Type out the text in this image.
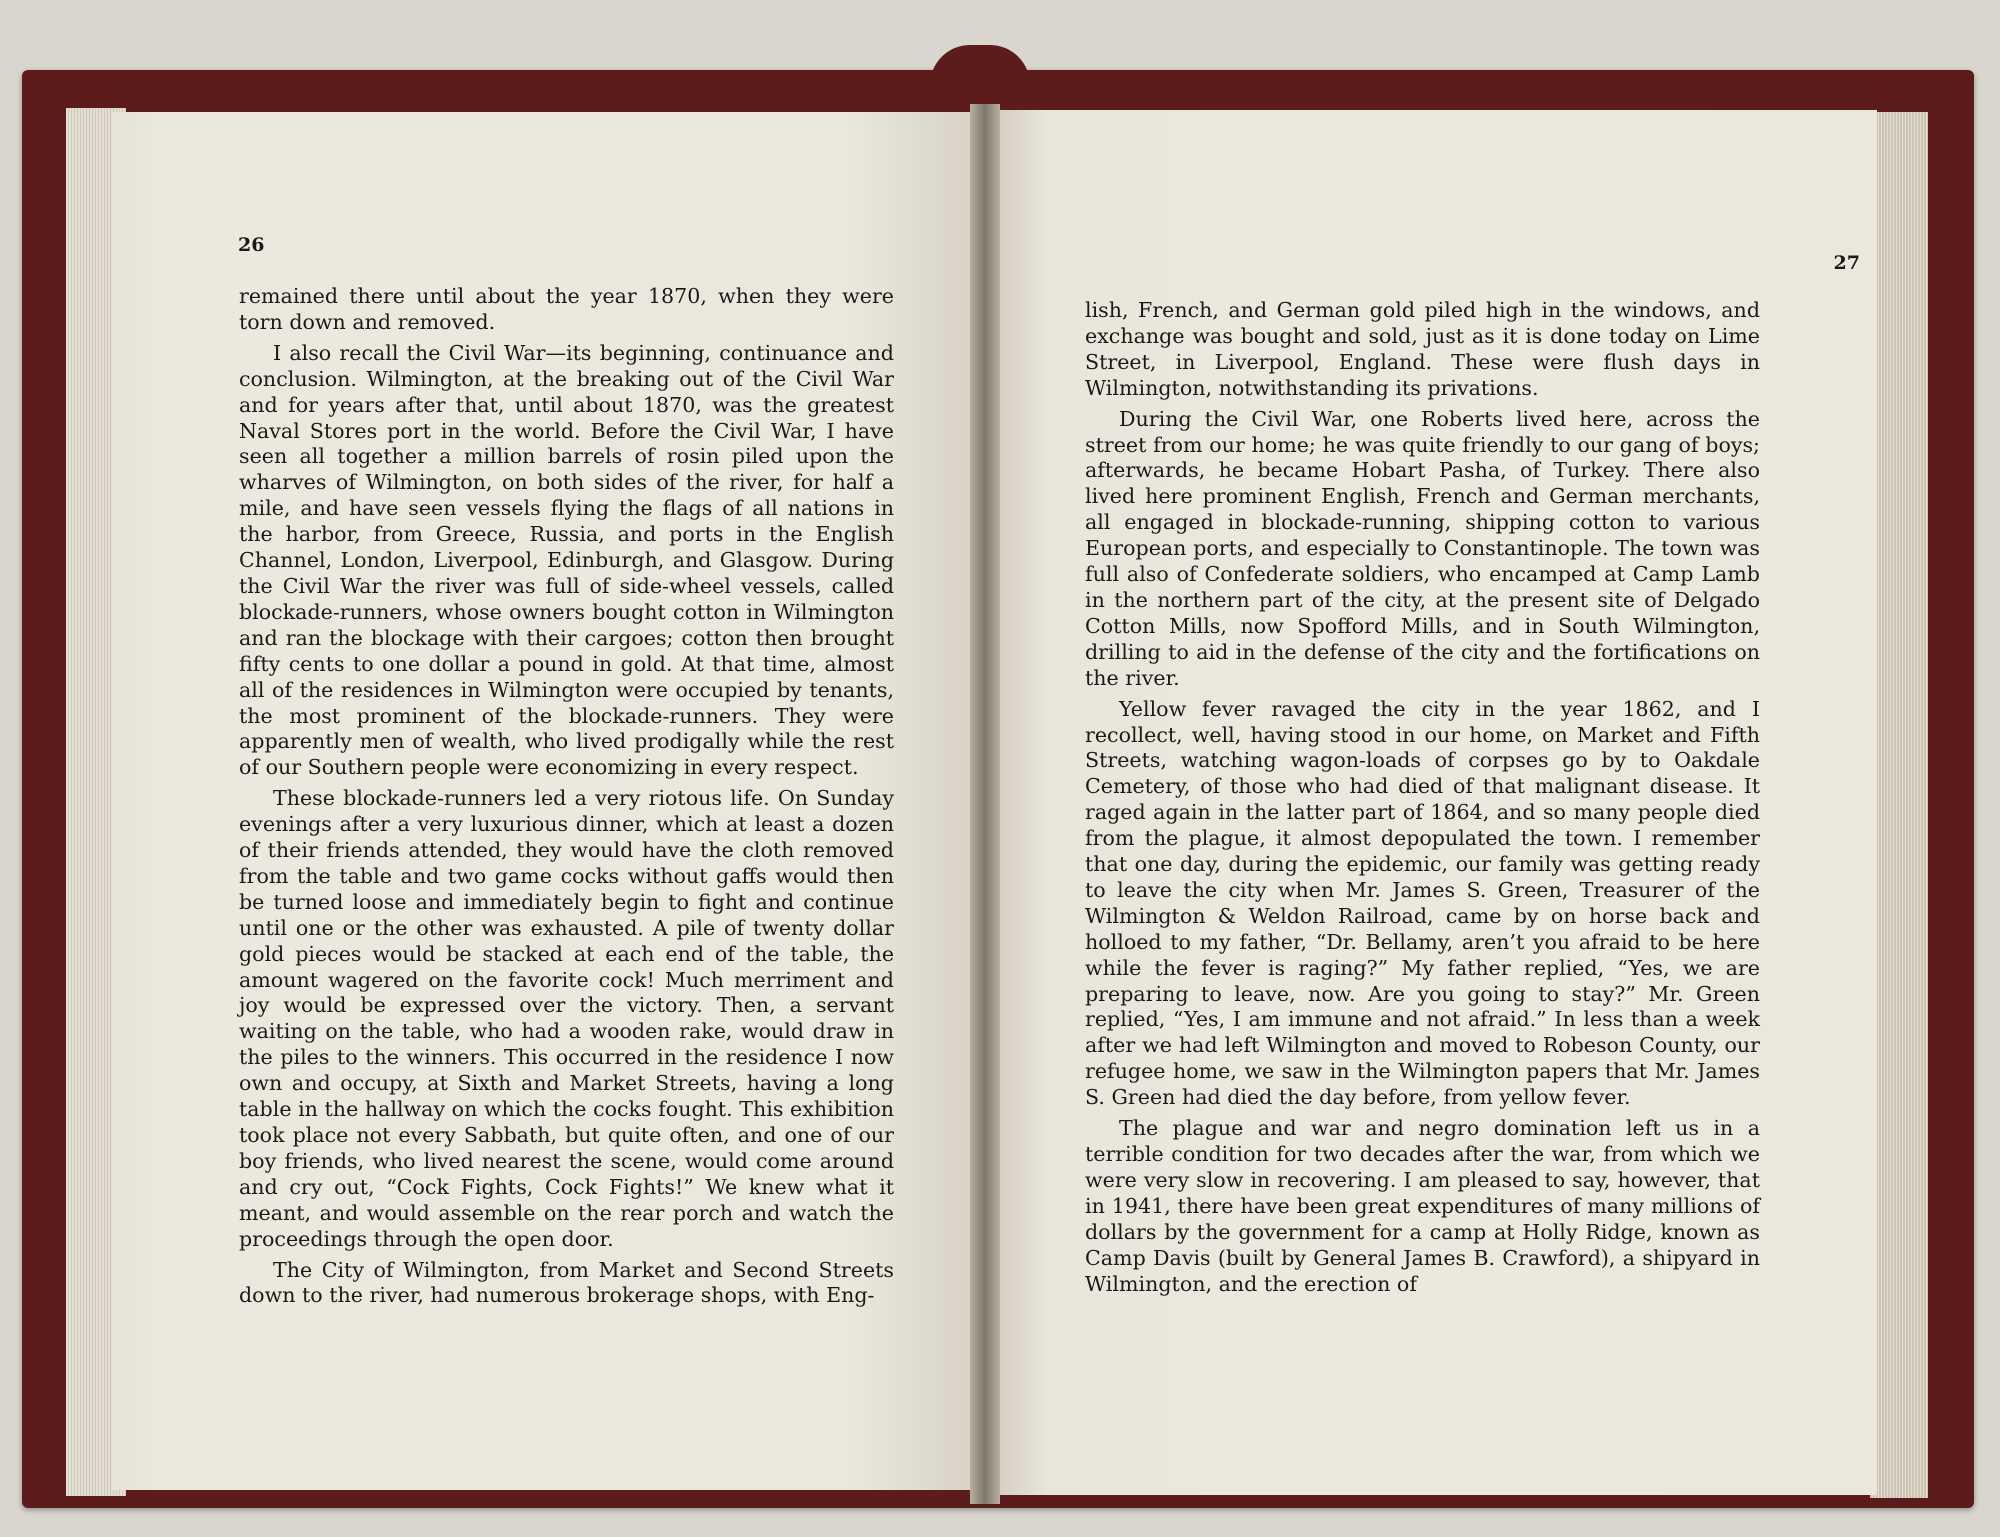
26

remained there until about the year 1870, when they were torn down and removed.

I also recall the Civil War—its beginning, continuance and conclusion. Wilmington, at the breaking out of the Civil War and for years after that, until about 1870, was the greatest Naval Stores port in the world. Before the Civil War, I have seen all together a million barrels of rosin piled upon the wharves of Wilmington, on both sides of the river, for half a mile, and have seen vessels flying the flags of all nations in the harbor, from Greece, Russia, and ports in the English Channel, London, Liverpool, Edinburgh, and Glasgow. During the Civil War the river was full of side-wheel vessels, called blockade-runners, whose owners bought cotton in Wilmington and ran the blockage with their cargoes; cotton then brought fifty cents to one dollar a pound in gold. At that time, almost all of the residences in Wilmington were occupied by tenants, the most prominent of the blockade-runners. They were apparently men of wealth, who lived prodigally while the rest of our Southern people were economizing in every respect.

These blockade-runners led a very riotous life. On Sunday evenings after a very luxurious dinner, which at least a dozen of their friends attended, they would have the cloth removed from the table and two game cocks without gaffs would then be turned loose and immediately begin to fight and continue until one or the other was exhausted. A pile of twenty dollar gold pieces would be stacked at each end of the table, the amount wagered on the favorite cock! Much merriment and joy would be expressed over the victory. Then, a servant waiting on the table, who had a wooden rake, would draw in the piles to the winners. This occurred in the residence I now own and occupy, at Sixth and Market Streets, having a long table in the hallway on which the cocks fought. This exhibition took place not every Sabbath, but quite often, and one of our boy friends, who lived nearest the scene, would come around and cry out, “Cock Fights, Cock Fights!” We knew what it meant, and would assemble on the rear porch and watch the proceedings through the open door.

The City of Wilmington, from Market and Second Streets down to the river, had numerous brokerage shops, with Eng-

27

lish, French, and German gold piled high in the windows, and exchange was bought and sold, just as it is done today on Lime Street, in Liverpool, England. These were flush days in Wilmington, notwithstanding its privations.

During the Civil War, one Roberts lived here, across the street from our home; he was quite friendly to our gang of boys; afterwards, he became Hobart Pasha, of Turkey. There also lived here prominent English, French and German merchants, all engaged in blockade-running, shipping cotton to various European ports, and especially to Constantinople. The town was full also of Confederate soldiers, who encamped at Camp Lamb in the northern part of the city, at the present site of Delgado Cotton Mills, now Spofford Mills, and in South Wilmington, drilling to aid in the defense of the city and the fortifications on the river.

Yellow fever ravaged the city in the year 1862, and I recollect, well, having stood in our home, on Market and Fifth Streets, watching wagon-loads of corpses go by to Oakdale Cemetery, of those who had died of that malignant disease. It raged again in the latter part of 1864, and so many people died from the plague, it almost depopulated the town. I remember that one day, during the epidemic, our family was getting ready to leave the city when Mr. James S. Green, Treasurer of the Wilmington & Weldon Railroad, came by on horse back and holloed to my father, “Dr. Bellamy, aren’t you afraid to be here while the fever is raging?” My father replied, “Yes, we are preparing to leave, now. Are you going to stay?” Mr. Green replied, “Yes, I am immune and not afraid.” In less than a week after we had left Wilmington and moved to Robeson County, our refugee home, we saw in the Wilmington papers that Mr. James S. Green had died the day before, from yellow fever.

The plague and war and negro domination left us in a terrible condition for two decades after the war, from which we were very slow in recovering. I am pleased to say, however, that in 1941, there have been great expenditures of many millions of dollars by the government for a camp at Holly Ridge, known as Camp Davis (built by General James B. Crawford), a shipyard in Wilmington, and the erection of
